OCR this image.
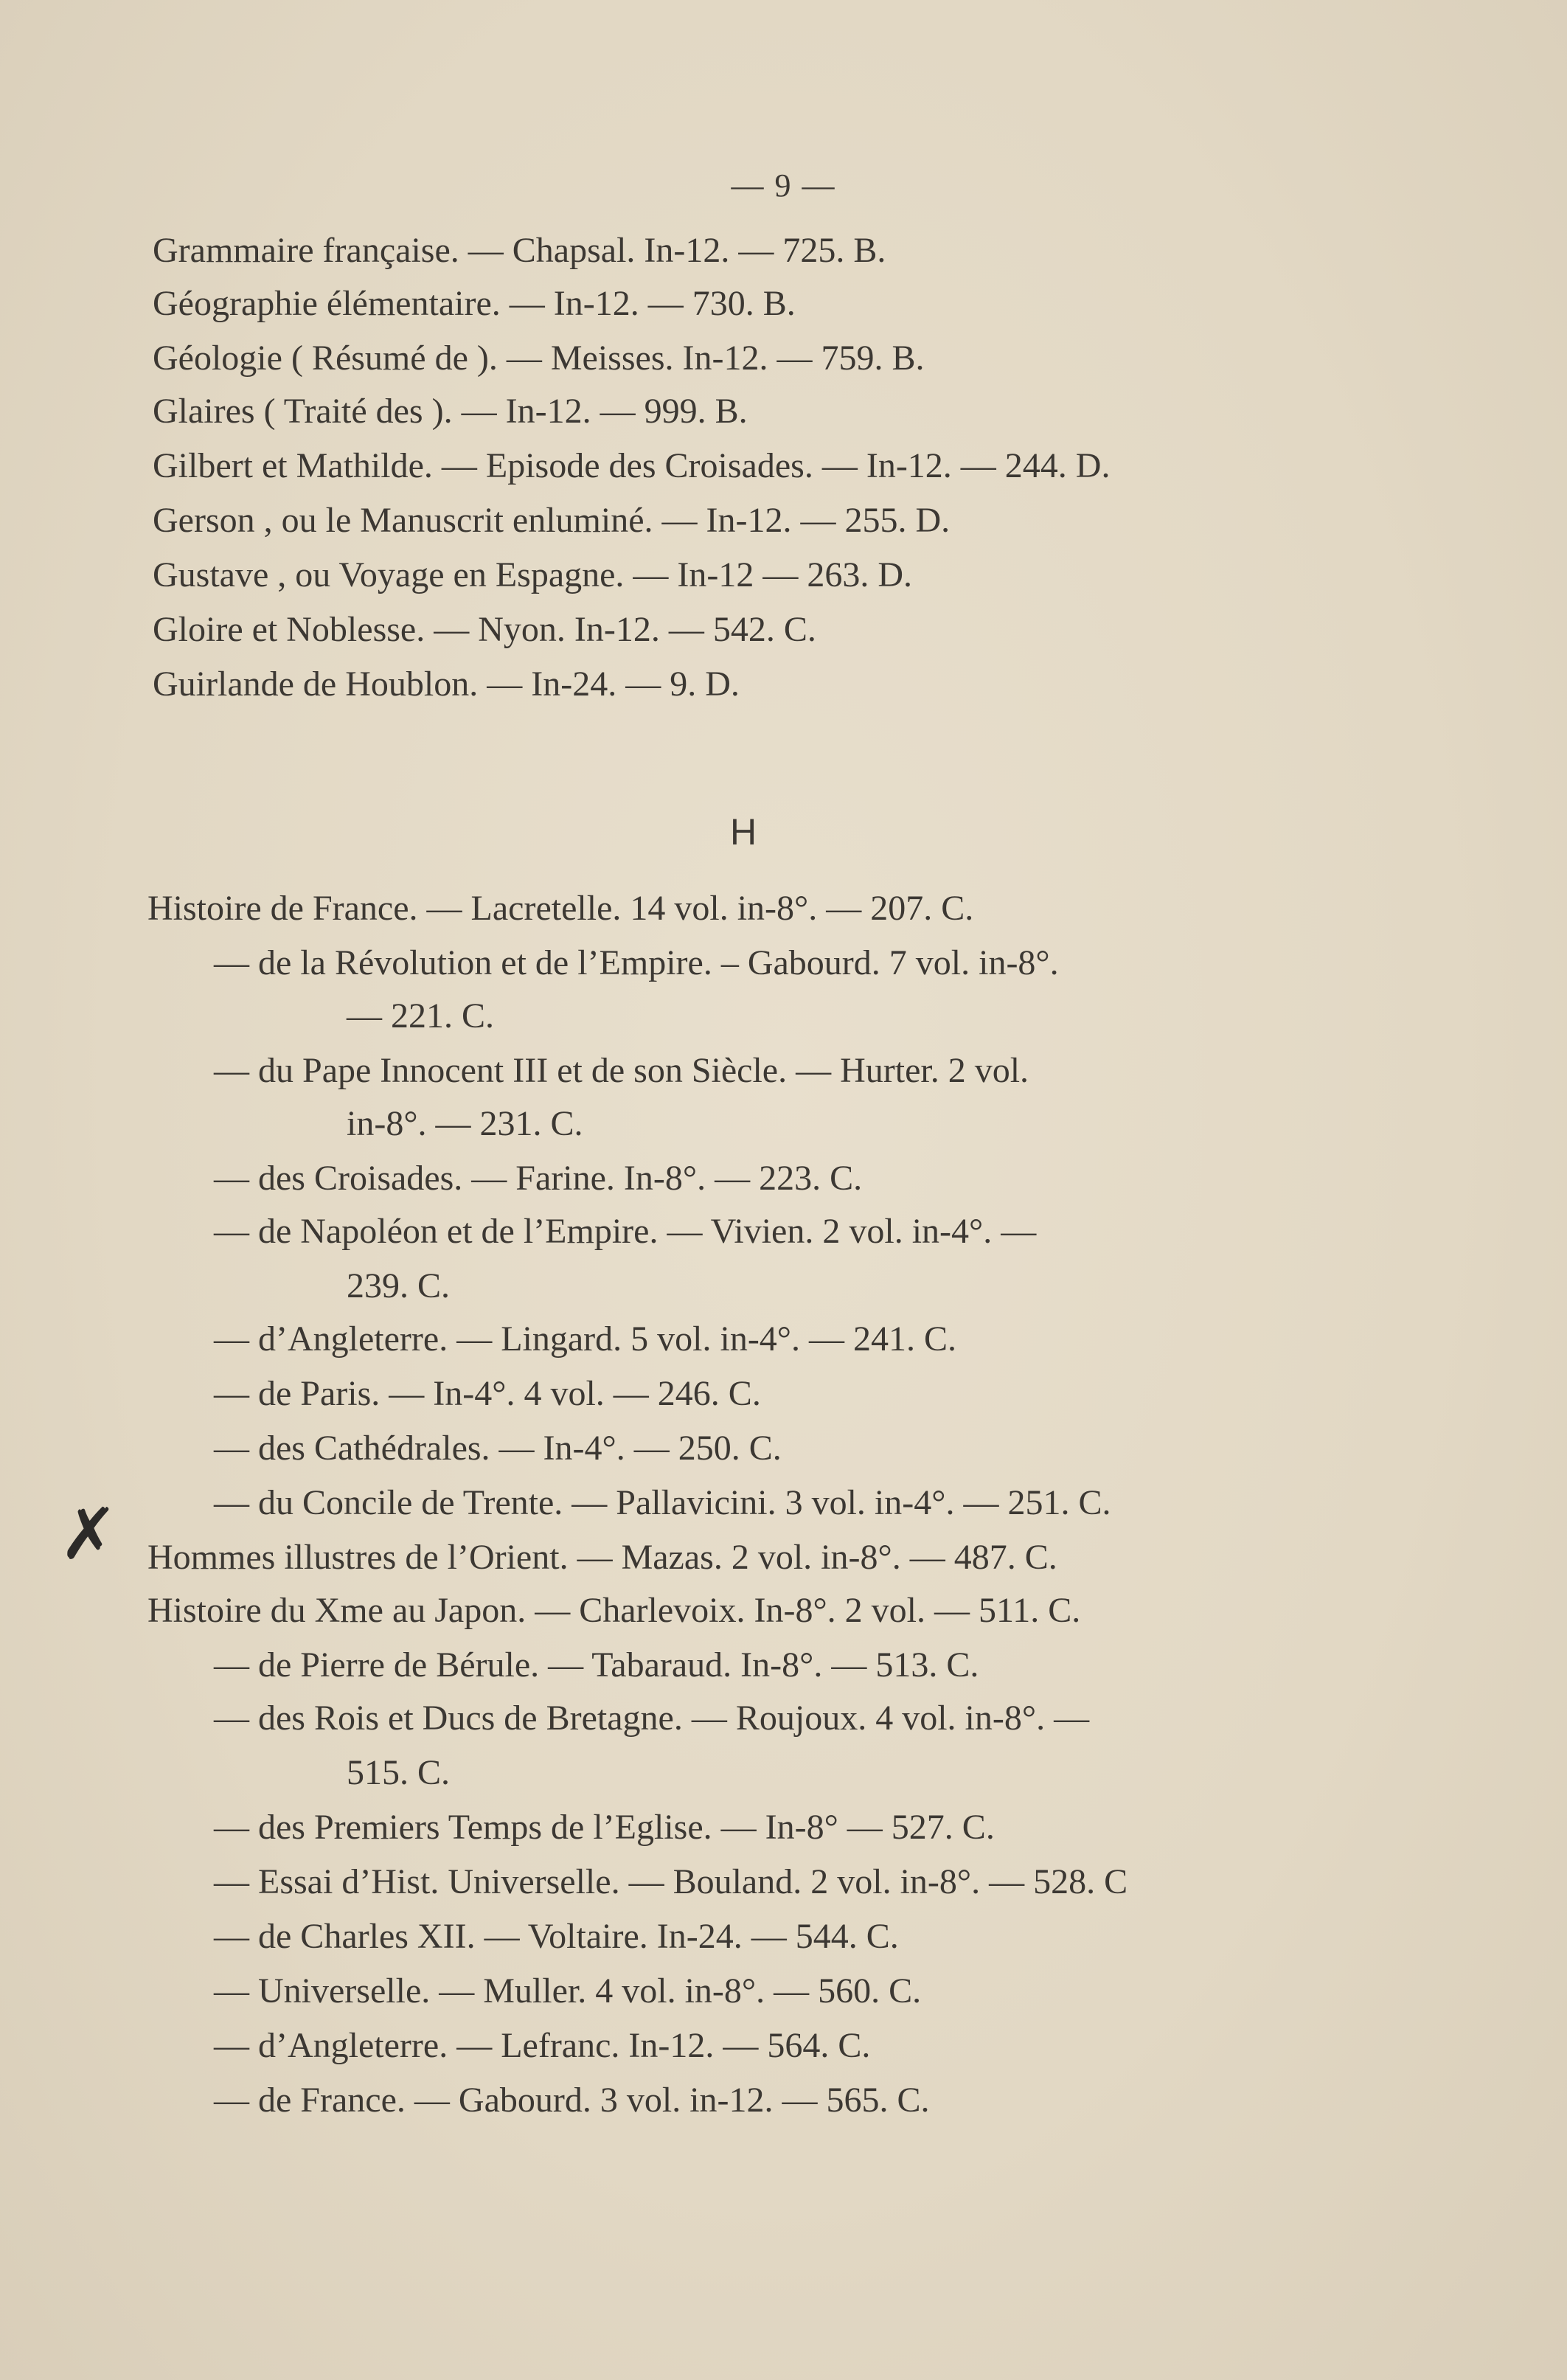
— 9 —
Grammaire française. — Chapsal. In-12. — 725. B.
Géographie élémentaire. — In-12. — 730. B.
Géologie ( Résumé de ). — Meisses. In-12. — 759. B.
Glaires ( Traité des ). — In-12. — 999. B.
Gilbert et Mathilde. — Episode des Croisades. — In-12. — 244. D.
Gerson , ou le Manuscrit enluminé. — In-12. — 255. D.
Gustave , ou Voyage en Espagne. — In-12 — 263. D.
Gloire et Noblesse. — Nyon. In-12. — 542. C.
Guirlande de Houblon. — In-24. — 9. D.
H
Histoire de France. — Lacretelle. 14 vol. in-8°. — 207. C.
— de la Révolution et de l’Empire. – Gabourd. 7 vol. in-8°.
— 221. C.
— du Pape Innocent III et de son Siècle. — Hurter. 2 vol.
in-8°. — 231. C.
— des Croisades. — Farine. In-8°. — 223. C.
— de Napoléon et de l’Empire. — Vivien. 2 vol. in-4°. —
239. C.
— d’Angleterre. — Lingard. 5 vol. in-4°. — 241. C.
— de Paris. — In-4°. 4 vol. — 246. C.
— des Cathédrales. — In-4°. — 250. C.
— du Concile de Trente. — Pallavicini. 3 vol. in-4°. — 251. C.
Hommes illustres de l’Orient. — Mazas. 2 vol. in-8°. — 487. C.
Histoire du Xme au Japon. — Charlevoix. In-8°. 2 vol. — 511. C.
— de Pierre de Bérule. — Tabaraud. In-8°. — 513. C.
— des Rois et Ducs de Bretagne. — Roujoux. 4 vol. in-8°. —
515. C.
— des Premiers Temps de l’Eglise. — In-8° — 527. C.
— Essai d’Hist. Universelle. — Bouland. 2 vol. in-8°. — 528. C
— de Charles XII. — Voltaire. In-24. — 544. C.
— Universelle. — Muller. 4 vol. in-8°. — 560. C.
— d’Angleterre. — Lefranc. In-12. — 564. C.
— de France. — Gabourd. 3 vol. in-12. — 565. C.
✗
